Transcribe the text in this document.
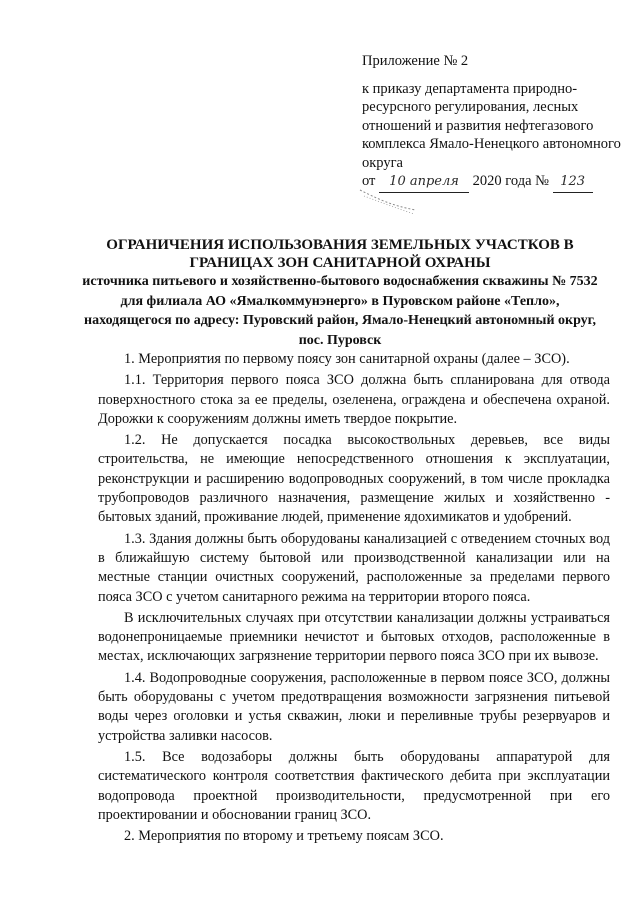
Приложение № 2
к приказу департамента природно-ресурсного регулирования, лесных отношений и развития нефтегазового комплекса Ямало-Ненецкого автономного округа
от 10 апреля 2020 года № 123
ОГРАНИЧЕНИЯ ИСПОЛЬЗОВАНИЯ ЗЕМЕЛЬНЫХ УЧАСТКОВ В ГРАНИЦАХ ЗОН САНИТАРНОЙ ОХРАНЫ
источника питьевого и хозяйственно-бытового водоснабжения скважины № 7532 для филиала АО «Ямалкоммунэнерго» в Пуровском районе «Тепло», находящегося по адресу: Пуровский район, Ямало-Ненецкий автономный округ, пос. Пуровск

1. Мероприятия по первому поясу зон санитарной охраны (далее – ЗСО).

1.1. Территория первого пояса ЗСО должна быть спланирована для отвода поверхностного стока за ее пределы, озеленена, ограждена и обеспечена охраной. Дорожки к сооружениям должны иметь твердое покрытие.

1.2. Не допускается посадка высокоствольных деревьев, все виды строительства, не имеющие непосредственного отношения к эксплуатации, реконструкции и расширению водопроводных сооружений, в том числе прокладка трубопроводов различного назначения, размещение жилых и хозяйственно - бытовых зданий, проживание людей, применение ядохимикатов и удобрений.

1.3. Здания должны быть оборудованы канализацией с отведением сточных вод в ближайшую систему бытовой или производственной канализации или на местные станции очистных сооружений, расположенные за пределами первого пояса ЗСО с учетом санитарного режима на территории второго пояса.

В исключительных случаях при отсутствии канализации должны устраиваться водонепроницаемые приемники нечистот и бытовых отходов, расположенные в местах, исключающих загрязнение территории первого пояса ЗСО при их вывозе.

1.4. Водопроводные сооружения, расположенные в первом поясе ЗСО, должны быть оборудованы с учетом предотвращения возможности загрязнения питьевой воды через оголовки и устья скважин, люки и переливные трубы резервуаров и устройства заливки насосов.

1.5. Все водозаборы должны быть оборудованы аппаратурой для систематического контроля соответствия фактического дебита при эксплуатации водопровода проектной производительности, предусмотренной при его проектировании и обосновании границ ЗСО.

2. Мероприятия по второму и третьему поясам ЗСО.
